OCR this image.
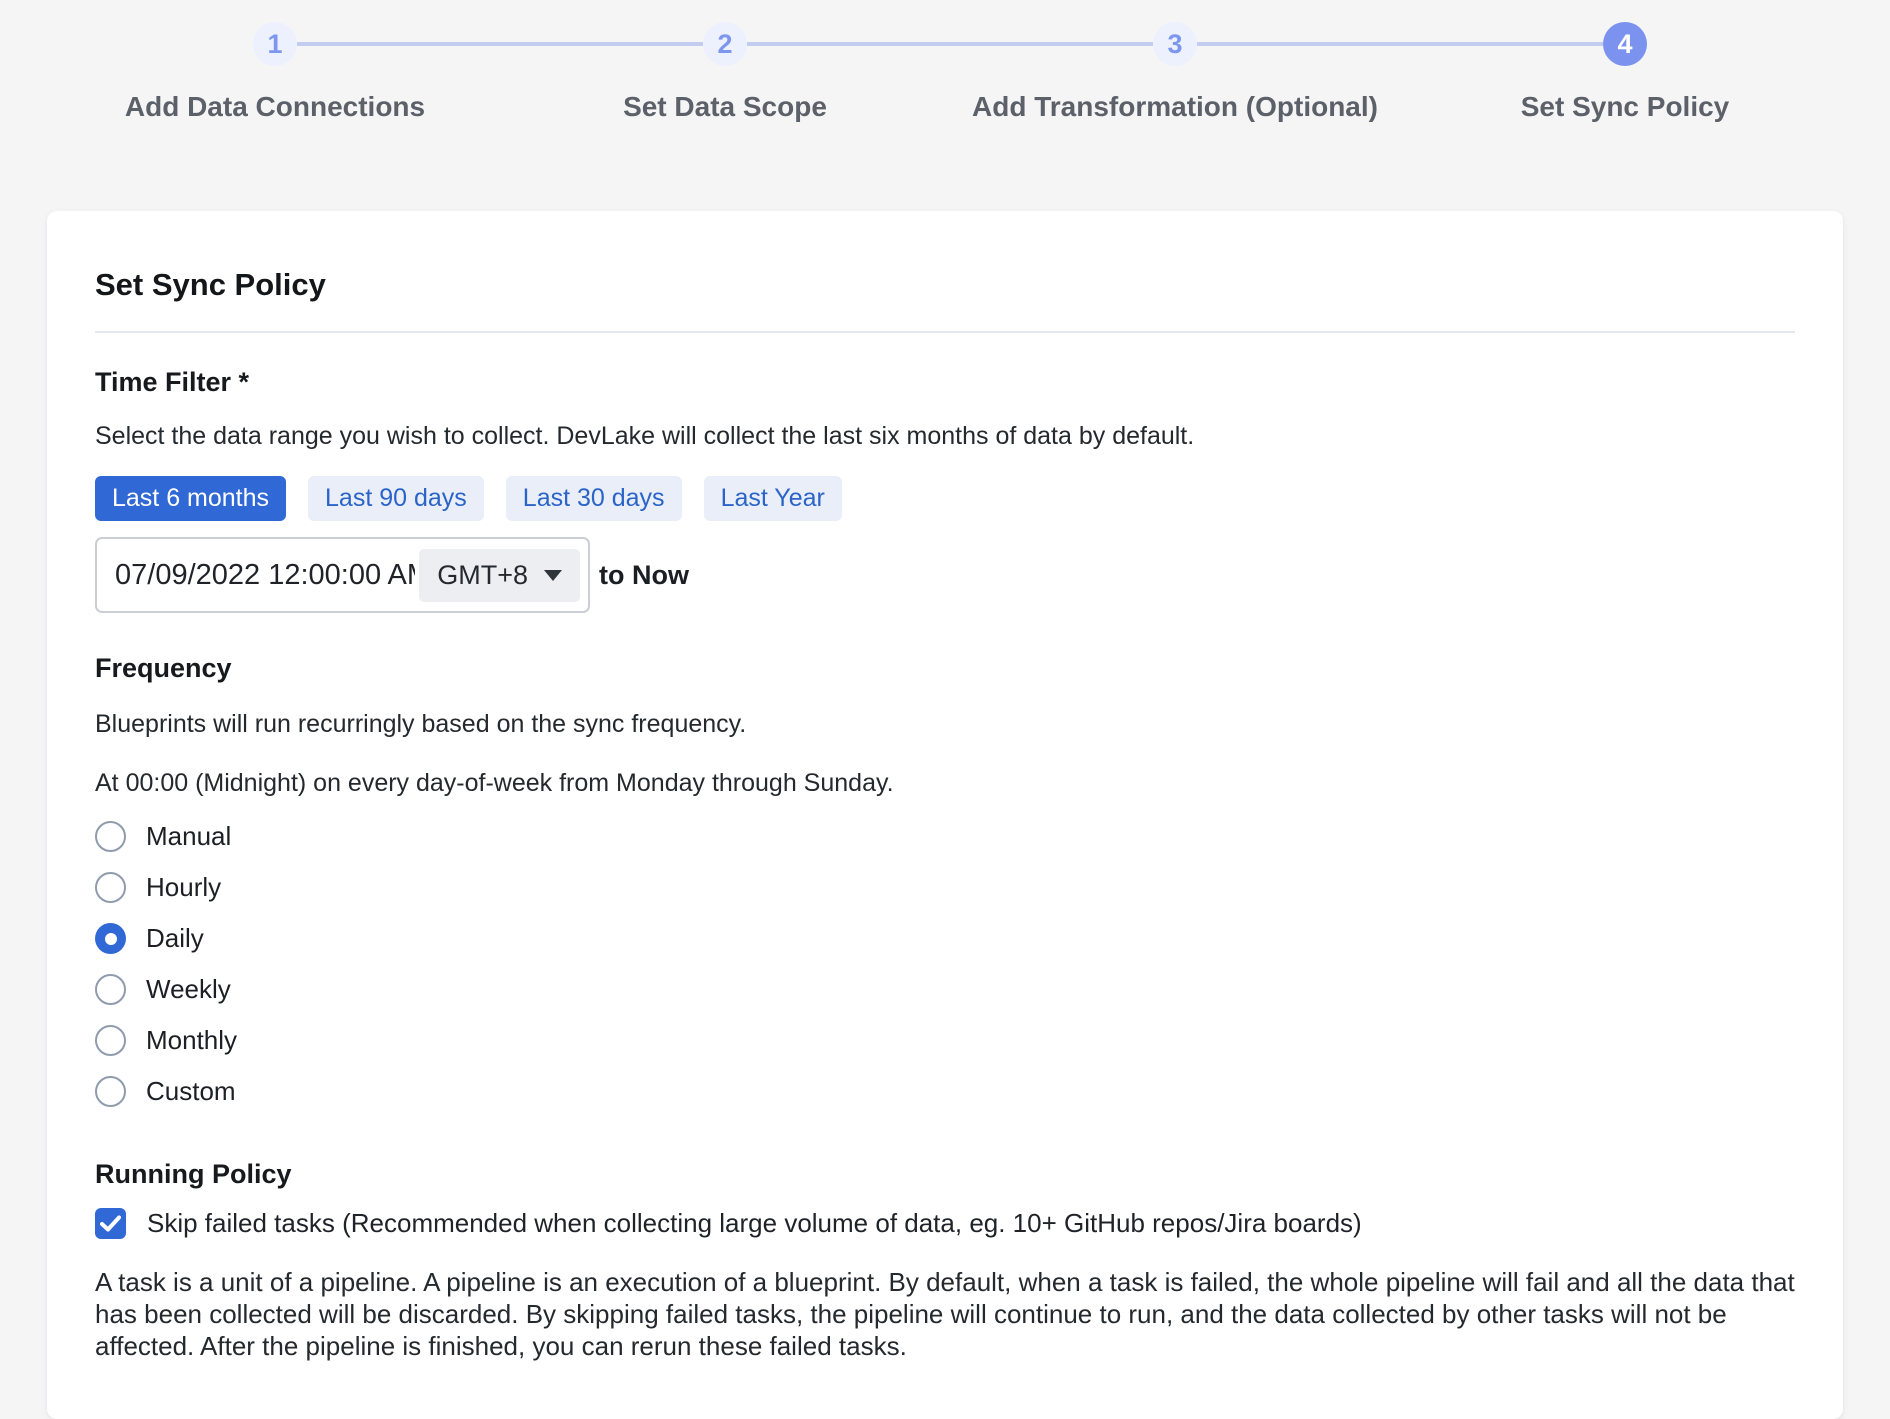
1
Add Data Connections
2
Set Data Scope
3
Add Transformation (Optional)
4
Set Sync Policy
Set Sync Policy
Time Filter *
Select the data range you wish to collect. DevLake will collect the last six months of data by default.
Last 6 months	Last 90 days	Last 30 days	Last Year
07/09/2022 12:00:00 AM
GMT+8	to Now
Frequency
Blueprints will run recurringly based on the sync frequency.
At 00:00 (Midnight) on every day-of-week from Monday through Sunday.
Manual
Hourly
Daily
Weekly
Monthly
Custom
Running Policy
Skip failed tasks (Recommended when collecting large volume of data, eg. 10+ GitHub repos/Jira boards)
A task is a unit of a pipeline. A pipeline is an execution of a blueprint. By default, when a task is failed, the whole pipeline will fail and all the data that has been collected will be discarded. By skipping failed tasks, the pipeline will continue to run, and the data collected by other tasks will not be affected. After the pipeline is finished, you can rerun these failed tasks.
